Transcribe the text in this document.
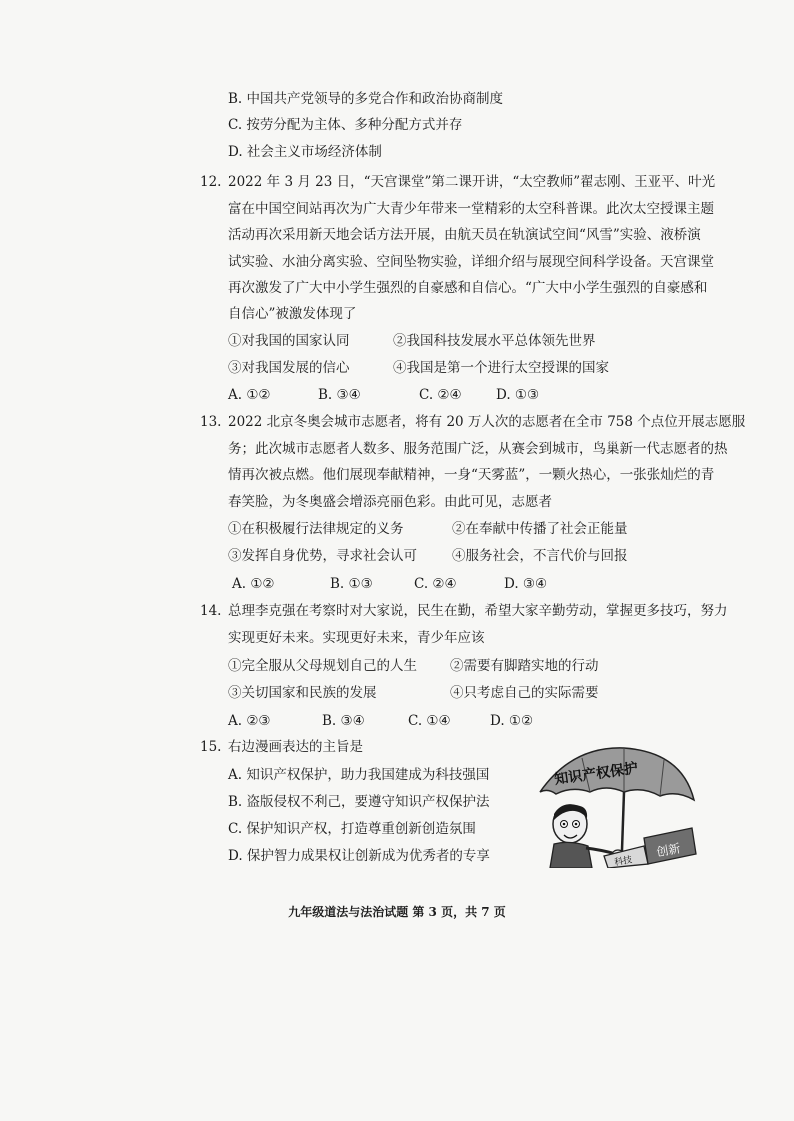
B. 中国共产党领导的多党合作和政治协商制度
C. 按劳分配为主体、多种分配方式并存
D. 社会主义市场经济体制
12. 2022 年 3 月 23 日，“天宫课堂”第二课开讲，“太空教师”翟志刚、王亚平、叶光
富在中国空间站再次为广大青少年带来一堂精彩的太空科普课。此次太空授课主题
活动再次采用新天地会话方法开展，由航天员在轨演试空间“风雪”实验、液桥演
试实验、水油分离实验、空间坠物实验，详细介绍与展现空间科学设备。天宫课堂
再次激发了广大中小学生强烈的自豪感和自信心。“广大中小学生强烈的自豪感和
自信心”被激发体现了
①对我国的国家认同	②我国科技发展水平总体领先世界
③对我国发展的信心	④我国是第一个进行太空授课的国家
A. ①②	B. ③④	C. ②④	D. ①③
13. 2022 北京冬奥会城市志愿者，将有 20 万人次的志愿者在全市 758 个点位开展志愿服
务；此次城市志愿者人数多、服务范围广泛，从赛会到城市，鸟巢新一代志愿者的热
情再次被点燃。他们展现奉献精神，一身“天雾蓝”，一颗火热心，一张张灿烂的青
春笑脸，为冬奥盛会增添亮丽色彩。由此可见，志愿者
①在积极履行法律规定的义务	②在奉献中传播了社会正能量
③发挥自身优势，寻求社会认可	④服务社会，不言代价与回报
A. ①②	B. ①③	C. ②④	D. ③④
14. 总理李克强在考察时对大家说，民生在勤，希望大家辛勤劳动，掌握更多技巧，努力
实现更好未来。实现更好未来，青少年应该
①完全服从父母规划自己的人生 ②需要有脚踏实地的行动
③关切国家和民族的发展	④只考虑自己的实际需要
A. ②③	B. ③④	C. ①④	D. ①②
15. 右边漫画表达的主旨是
A. 知识产权保护，助力我国建成为科技强国
B. 盗版侵权不利己，要遵守知识产权保护法
C. 保护知识产权，打造尊重创新创造氛围
D. 保护智力成果权让创新成为优秀者的专享
知识产权保护
科技
创新
九年级道法与法治试题 第 3 页，共 7 页
